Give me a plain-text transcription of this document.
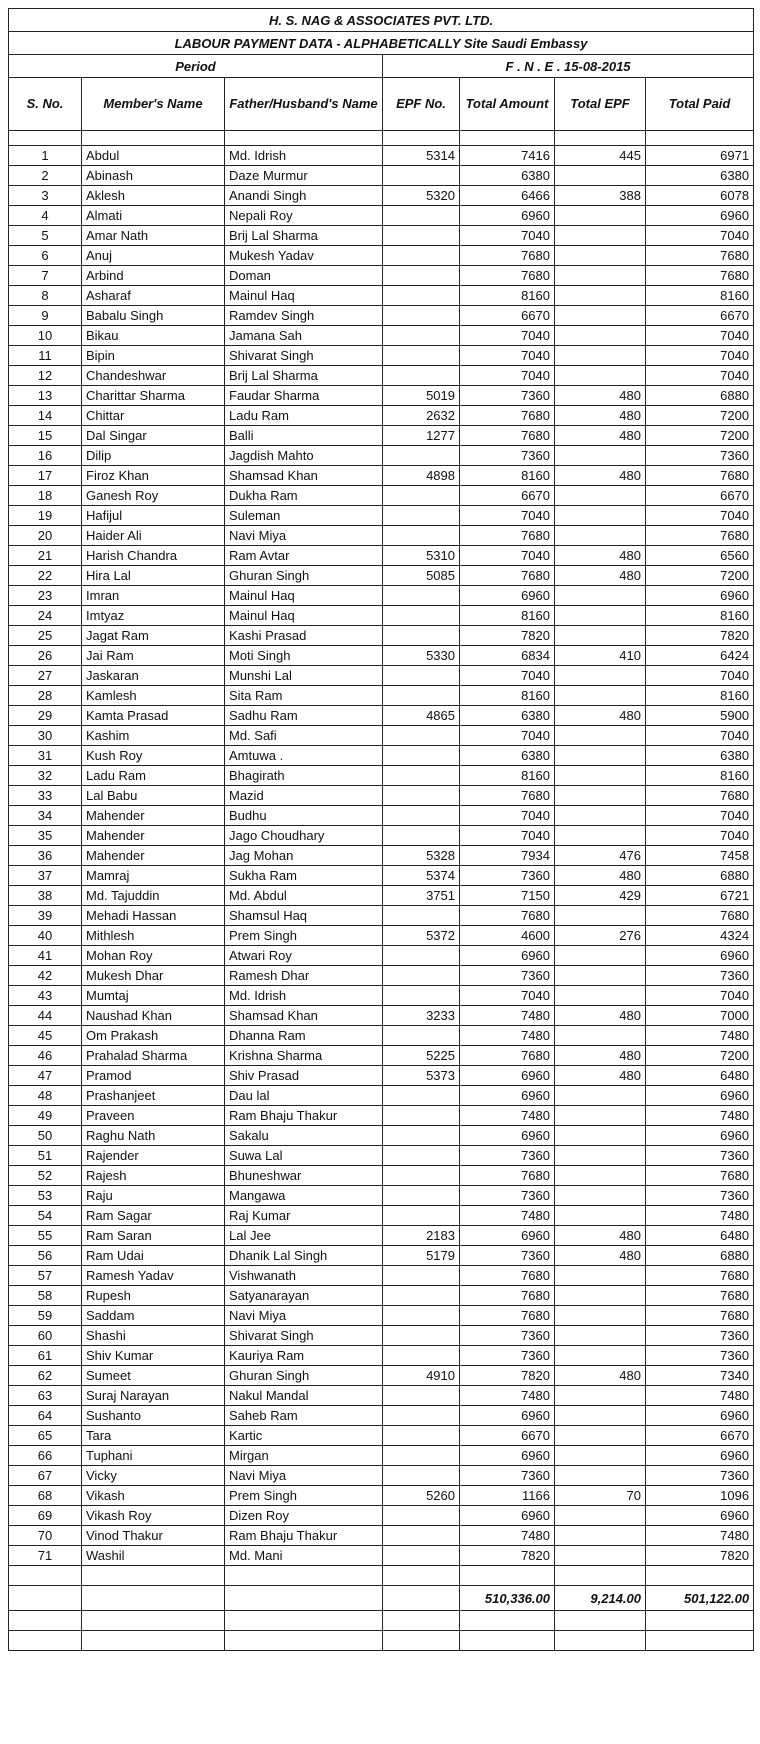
H. S. NAG & ASSOCIATES PVT. LTD.						
LABOUR PAYMENT DATA - ALPHABETICALLY Site Saudi Embassy						
Period			F . N . E . 15-08-2015			
S. No.	Member's Name	Father/Husband's Name	EPF No.	Total Amount	Total EPF	Total Paid

1	Abdul	Md. Idrish	5314	7416	445	6971
2	Abinash	Daze Murmur		6380		6380
3	Aklesh	Anandi Singh	5320	6466	388	6078
4	Almati	Nepali Roy		6960		6960
5	Amar Nath	Brij Lal Sharma		7040		7040
6	Anuj	Mukesh Yadav		7680		7680
7	Arbind	Doman		7680		7680
8	Asharaf	Mainul Haq		8160		8160
9	Babalu Singh	Ramdev Singh		6670		6670
10	Bikau	Jamana Sah		7040		7040
11	Bipin	Shivarat Singh		7040		7040
12	Chandeshwar	Brij Lal Sharma		7040		7040
13	Charittar Sharma	Faudar Sharma	5019	7360	480	6880
14	Chittar	Ladu Ram	2632	7680	480	7200
15	Dal Singar	Balli	1277	7680	480	7200
16	Dilip	Jagdish Mahto		7360		7360
17	Firoz Khan	Shamsad Khan	4898	8160	480	7680
18	Ganesh Roy	Dukha Ram		6670		6670
19	Hafijul	Suleman		7040		7040
20	Haider Ali	Navi Miya		7680		7680
21	Harish Chandra	Ram Avtar	5310	7040	480	6560
22	Hira Lal	Ghuran Singh	5085	7680	480	7200
23	Imran	Mainul Haq		6960		6960
24	Imtyaz	Mainul Haq		8160		8160
25	Jagat Ram	Kashi Prasad		7820		7820
26	Jai Ram	Moti Singh	5330	6834	410	6424
27	Jaskaran	Munshi Lal		7040		7040
28	Kamlesh	Sita Ram		8160		8160
29	Kamta Prasad	Sadhu Ram	4865	6380	480	5900
30	Kashim	Md. Safi		7040		7040
31	Kush Roy	Amtuwa .		6380		6380
32	Ladu Ram	Bhagirath		8160		8160
33	Lal Babu	Mazid		7680		7680
34	Mahender	Budhu		7040		7040
35	Mahender	Jago Choudhary		7040		7040
36	Mahender	Jag Mohan	5328	7934	476	7458
37	Mamraj	Sukha Ram	5374	7360	480	6880
38	Md. Tajuddin	Md. Abdul	3751	7150	429	6721
39	Mehadi Hassan	Shamsul Haq		7680		7680
40	Mithlesh	Prem Singh	5372	4600	276	4324
41	Mohan Roy	Atwari Roy		6960		6960
42	Mukesh Dhar	Ramesh Dhar		7360		7360
43	Mumtaj	Md. Idrish		7040		7040
44	Naushad Khan	Shamsad Khan	3233	7480	480	7000
45	Om Prakash	Dhanna Ram		7480		7480
46	Prahalad Sharma	Krishna Sharma	5225	7680	480	7200
47	Pramod	Shiv Prasad	5373	6960	480	6480
48	Prashanjeet	Dau lal		6960		6960
49	Praveen	Ram Bhaju Thakur		7480		7480
50	Raghu Nath	Sakalu		6960		6960
51	Rajender	Suwa Lal		7360		7360
52	Rajesh	Bhuneshwar		7680		7680
53	Raju	Mangawa		7360		7360
54	Ram Sagar	Raj Kumar		7480		7480
55	Ram Saran	Lal Jee	2183	6960	480	6480
56	Ram Udai	Dhanik Lal Singh	5179	7360	480	6880
57	Ramesh Yadav	Vishwanath		7680		7680
58	Rupesh	Satyanarayan		7680		7680
59	Saddam	Navi Miya		7680		7680
60	Shashi	Shivarat Singh		7360		7360
61	Shiv Kumar	Kauriya Ram		7360		7360
62	Sumeet	Ghuran Singh	4910	7820	480	7340
63	Suraj Narayan	Nakul Mandal		7480		7480
64	Sushanto	Saheb Ram		6960		6960
65	Tara	Kartic		6670		6670
66	Tuphani	Mirgan		6960		6960
67	Vicky	Navi Miya		7360		7360
68	Vikash	Prem Singh	5260	1166	70	1096
69	Vikash Roy	Dizen Roy		6960		6960
70	Vinod Thakur	Ram Bhaju Thakur		7480		7480
71	Washil	Md. Mani		7820		7820

				510,336.00	9,214.00	501,122.00
